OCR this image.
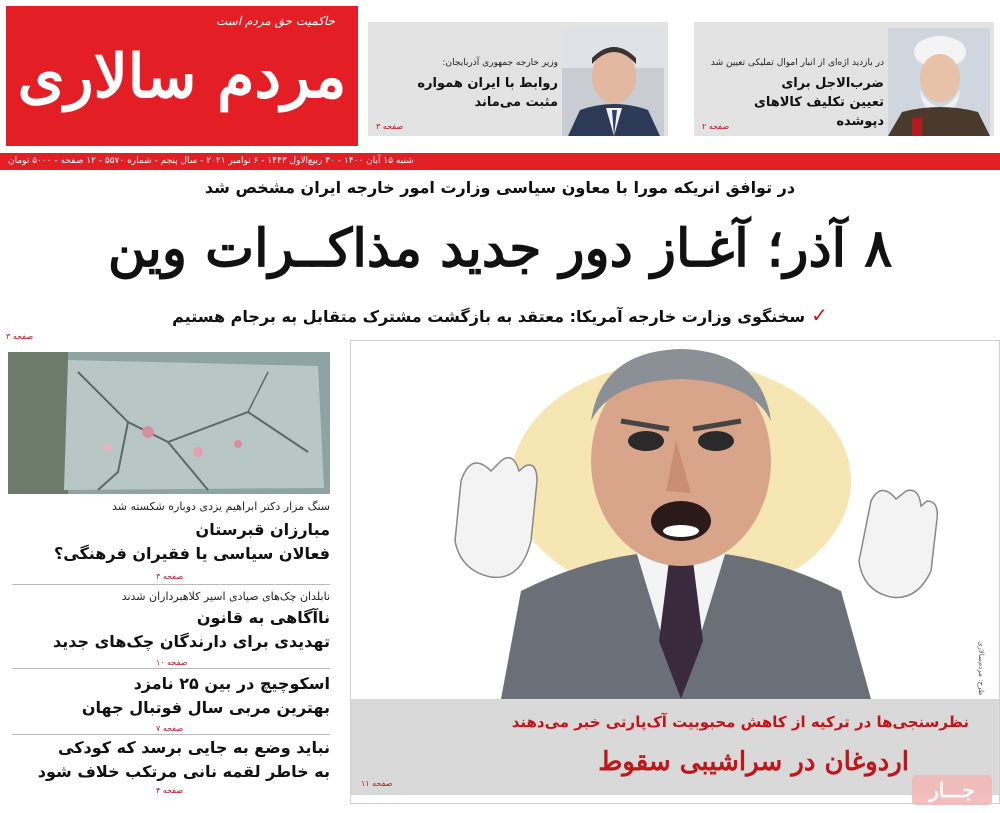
حاکمیت حق مردم است
مردم سالاری	وزیر خارجه جمهوری آذربایجان:
روابط با ایران همواره مثبت می‌ماند
صفحه ۳
در بازدید اژه‌ای از انبار اموال تملیکی تعیین شد
ضرب‌الاجل برای تعیین تکلیف کالاهای دپوشده
صفحه ۲
شنبه ۱۵ آبان ۱۴۰۰ - ۳۰ ربیع‌الاول ۱۴۴۳ - ۶ نوامبر ۲۰۲۱ - سال پنجم - شماره ۵۵۷۰ - ۱۲ صفحه - ۵۰۰۰ تومان
در توافق انریکه مورا با معاون سیاسی وزارت امور خارجه ایران مشخص شد
۸ آذر؛ آغـاز دور جدید مذاکــرات وین
✓سخنگوی وزارت خارجه آمریکا: معتقد به بازگشت مشترک متقابل به برجام هستیم
صفحه ۳
سنگ مزار دکتر ابراهیم یزدی دوباره شکسته شد
مبارزان قبرستان
فعالان سیاسی یا فقیران فرهنگی؟
صفحه ۳
نابلدان چک‌های صیادی اسیر کلاهبرداران شدند
ناآگاهی به قانون
تهدیدی برای دارندگان چک‌های جدید
صفحه ۱۰
اسکوچیچ در بین ۲۵ نامزد
بهترین مربی سال فوتبال جهان
صفحه ۷
نباید وضع به جایی برسد که کودکی
به خاطر لقمه نانی مرتکب خلاف شود
صفحه ۴
طرح: مردم‌سالاری
نظرسنجی‌ها در ترکیه از کاهش محبوبیت آک‌پارتی خبر می‌دهند
اردوغان در سراشیبی سقوط
صفحه ۱۱	جـــار
